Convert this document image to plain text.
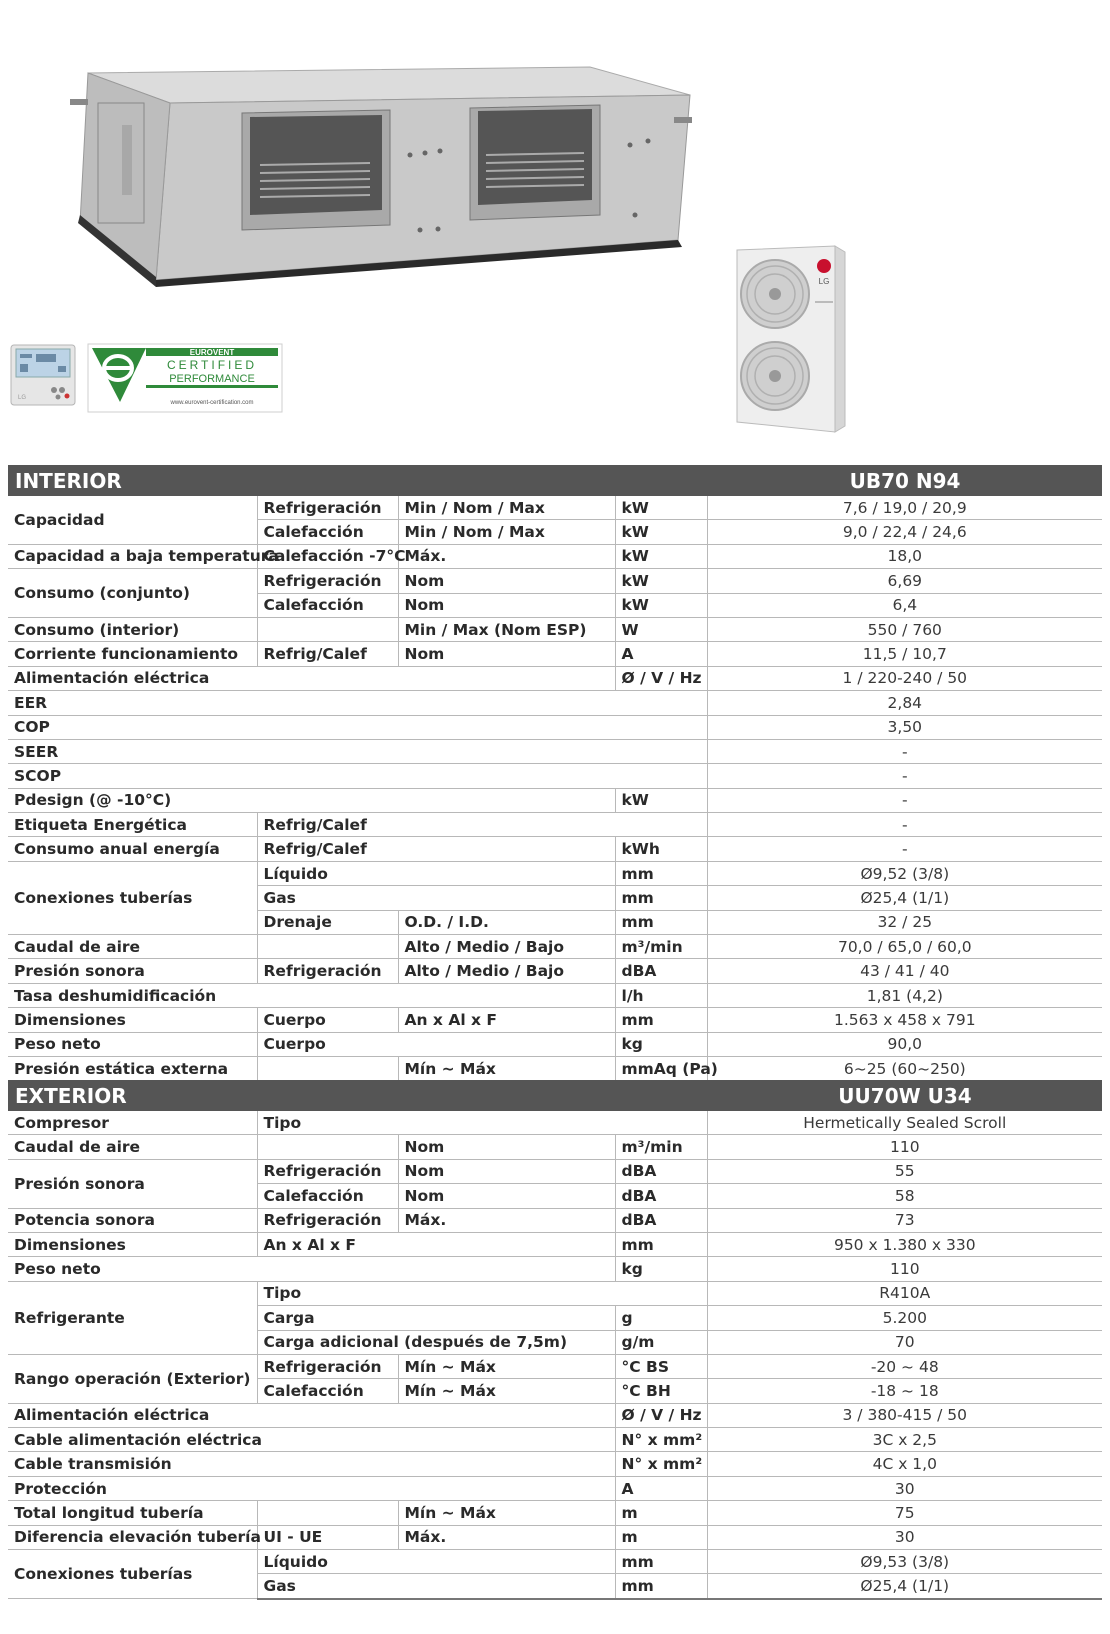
LG
EUROVENT
CERTIFIED
PERFORMANCE
www.eurovent-certification.com
LG
INTERIOR				UB70 N94
Capacidad	Refrigeración	Min / Nom / Max	kW	7,6 / 19,0 / 20,9
	Calefacción	Min / Nom / Max	kW	9,0 / 22,4 / 24,6
Capacidad a baja temperatura	Calefacción -7°C	Máx.	kW	18,0
Consumo (conjunto)	Refrigeración	Nom	kW	6,69
	Calefacción	Nom	kW	6,4
Consumo (interior)		Min / Max (Nom ESP)	W	550 / 760
Corriente funcionamiento	Refrig/Calef	Nom	A	11,5 / 10,7
Alimentación eléctrica			Ø / V / Hz	1 / 220-240 / 50
EER				2,84
COP				3,50
SEER				-
SCOP				-
Pdesign (@ -10°C)			kW	-
Etiqueta Energética	Refrig/Calef			-
Consumo anual energía	Refrig/Calef		kWh	-
Conexiones tuberías	Líquido		mm	Ø9,52 (3/8)
	Gas		mm	Ø25,4 (1/1)
	Drenaje	O.D. / I.D.	mm	32 / 25
Caudal de aire		Alto / Medio / Bajo	m³/min	70,0 / 65,0 / 60,0
Presión sonora	Refrigeración	Alto / Medio / Bajo	dBA	43 / 41 / 40
Tasa deshumidificación			l/h	1,81 (4,2)
Dimensiones	Cuerpo	An x Al x F	mm	1.563 x 458 x 791
Peso neto	Cuerpo		kg	90,0
Presión estática externa		Mín ~ Máx	mmAq (Pa)	6~25 (60~250)
EXTERIOR				UU70W U34
Compresor	Tipo			Hermetically Sealed Scroll
Caudal de aire		Nom	m³/min	110
Presión sonora	Refrigeración	Nom	dBA	55
	Calefacción	Nom	dBA	58
Potencia sonora	Refrigeración	Máx.	dBA	73
Dimensiones	An x Al x F		mm	950 x 1.380 x 330
Peso neto			kg	110
Refrigerante	Tipo			R410A
	Carga		g	5.200
	Carga adicional (después de 7,5m)		g/m	70
Rango operación (Exterior)	Refrigeración	Mín ~ Máx	°C BS	-20 ~ 48
	Calefacción	Mín ~ Máx	°C BH	-18 ~ 18
Alimentación eléctrica			Ø / V / Hz	3 / 380-415 / 50
Cable alimentación eléctrica			N° x mm²	3C x 2,5
Cable transmisión			N° x mm²	4C x 1,0
Protección			A	30
Total longitud tubería		Mín ~ Máx	m	75
Diferencia elevación tubería	UI - UE	Máx.	m	30
Conexiones tuberías	Líquido		mm	Ø9,53 (3/8)
	Gas		mm	Ø25,4 (1/1)
